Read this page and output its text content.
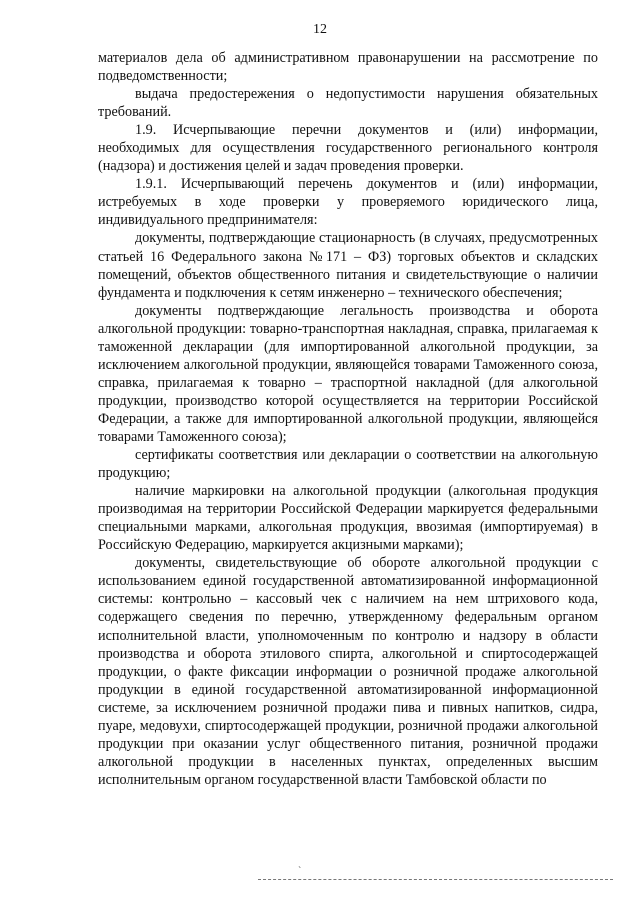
12

материалов дела об административном правонарушении на рассмотрение по подведомственности;

выдача предостережения о недопустимости нарушения обязательных требований.

1.9. Исчерпывающие перечни документов и (или) информации, необходимых для осуществления государственного регионального контроля (надзора) и достижения целей и задач проведения проверки.

1.9.1. Исчерпывающий перечень документов и (или) информации, истребуемых в ходе проверки у проверяемого юридического лица, индивидуального предпринимателя:

документы, подтверждающие стационарность (в случаях, предусмотренных статьей 16 Федерального закона №171 – ФЗ) торговых объектов и складских помещений, объектов общественного питания и свидетельствующие о наличии фундамента и подключения к сетям инженерно – технического обеспечения;

документы подтверждающие легальность производства и оборота алкогольной продукции: товарно-транспортная накладная, справка, прилагаемая к таможенной декларации (для импортированной алкогольной продукции, за исключением алкогольной продукции, являющейся товарами Таможенного союза, справка, прилагаемая к товарно – траспортной накладной (для алкогольной продукции, производство которой осуществляется на территории Российской Федерации, а также для импортированной алкогольной продукции, являющейся товарами Таможенного союза);

сертификаты соответствия или декларации о соответствии на алкогольную продукцию;

наличие маркировки на алкогольной продукции (алкогольная продукция производимая на территории Российской Федерации маркируется федеральными специальными марками, алкогольная продукция, ввозимая (импортируемая) в Российскую Федерацию, маркируется акцизными марками);

документы, свидетельствующие об обороте алкогольной продукции с использованием единой государственной автоматизированной информационной системы: контрольно – кассовый чек с наличием на нем штрихового кода, содержащего сведения по перечню, утвержденному федеральным органом исполнительной власти, уполномоченным по контролю и надзору в области производства и оборота этилового спирта, алкогольной и спиртосодержащей продукции, о факте фиксации информации о розничной продаже алкогольной продукции в единой государственной автоматизированной информационной системе, за исключением розничной продажи пива и пивных напитков, сидра, пуаре, медовухи, спиртосодержащей продукции, розничной продажи алкогольной продукции при оказании услуг общественного питания, розничной продажи алкогольной продукции в населенных пунктах, определенных высшим исполнительным органом государственной власти Тамбовской области по

`
